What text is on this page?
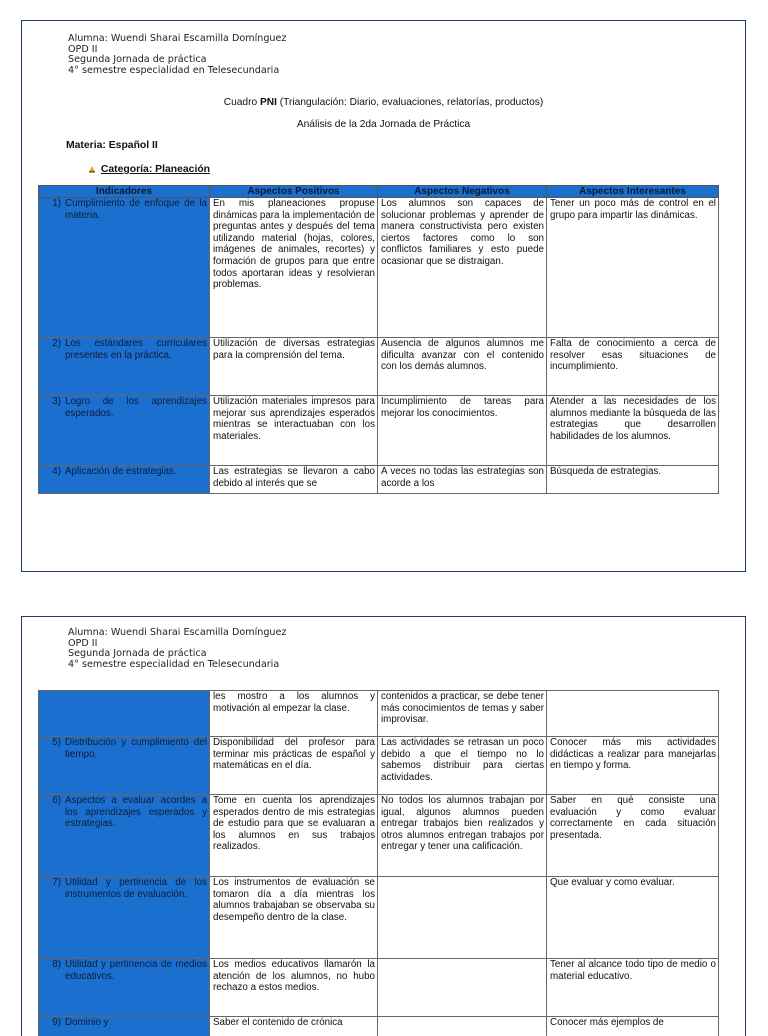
Alumna: Wuendi Sharai Escamilla Domínguez
OPD II
Segunda Jornada de práctica
4° semestre especialidad en Telesecundaria
Cuadro PNI (Triangulación: Diario, evaluaciones, relatorías, productos)
Análisis de la 2da Jornada de Práctica
Materia: Español II
Categoría: Planeación
Indicadores	Aspectos Positivos	Aspectos Negativos	Aspectos Interesantes

1) Cumplimiento de enfoque de la materia.	En mis planeaciones propuse dinámicas para la implementación de preguntas antes y después del tema utilizando material (hojas, colores, imágenes de animales, recortes) y formación de grupos para que entre todos aportaran ideas y resolvieran problemas.	Los alumnos son capaces de solucionar problemas y aprender de manera constructivista pero existen ciertos factores como lo son conflictos familiares y esto puede ocasionar que se distraigan.	Tener un poco más de control en el grupo para impartir las dinámicas.

2) Los estándares curriculares presentes en la práctica.	Utilización de diversas estrategias para la comprensión del tema.	Ausencia de algunos alumnos me dificulta avanzar con el contenido con los demás alumnos.	Falta de conocimiento a cerca de resolver esas situaciones de incumplimiento.

3) Logro de los aprendizajes esperados.	Utilización materiales impresos para mejorar sus aprendizajes esperados mientras se interactuaban con los materiales.	Incumplimiento de tareas para mejorar los conocimientos.	Atender a las necesidades de los alumnos mediante la búsqueda de las estrategias que desarrollen habilidades de los alumnos.

4) Aplicación de estrategias.	Las estrategias se llevaron a cabo debido al interés que se	A veces no todas las estrategias son acorde a los	Búsqueda de estrategias.
Alumna: Wuendi Sharai Escamilla Domínguez
OPD II
Segunda Jornada de práctica
4° semestre especialidad en Telesecundaria
	les mostro a los alumnos y motivación al empezar la clase.	contenidos a practicar, se debe tener más conocimientos de temas y saber improvisar.	

5) Distribución y cumplimiento del tiempo.	Disponibilidad del profesor para terminar mis prácticas de español y matemáticas en el día.	Las actividades se retrasan un poco debido a que el tiempo no lo sabemos distribuir para ciertas actividades.	Conocer más mis actividades didácticas a realizar para manejarlas en tiempo y forma.

6) Aspectos a evaluar acordes a los aprendizajes esperados y estrategias.	Tome en cuenta los aprendizajes esperados dentro de mis estrategias de estudio para que se evaluaran a los alumnos en sus trabajos realizados.	No todos los alumnos trabajan por igual, algunos alumnos pueden entregar trabajos bien realizados y otros alumnos entregan trabajos por entregar y tener una calificación.	Saber en qué consiste una evaluación y como evaluar correctamente en cada situación presentada.

7) Utilidad y pertinencia de los instrumentos de evaluación.	Los instrumentos de evaluación se tomaron día a día mientras los alumnos trabajaban se observaba su desempeño dentro de la clase.		Que evaluar y como evaluar.

8) Utilidad y pertinencia de medios educativos.	Los medios educativos llamarón la atención de los alumnos, no hubo rechazo a estos medios.		Tener al alcance todo tipo de medio o material educativo.

9) Dominio y	Saber el contenido de crónica		Conocer más ejemplos de
